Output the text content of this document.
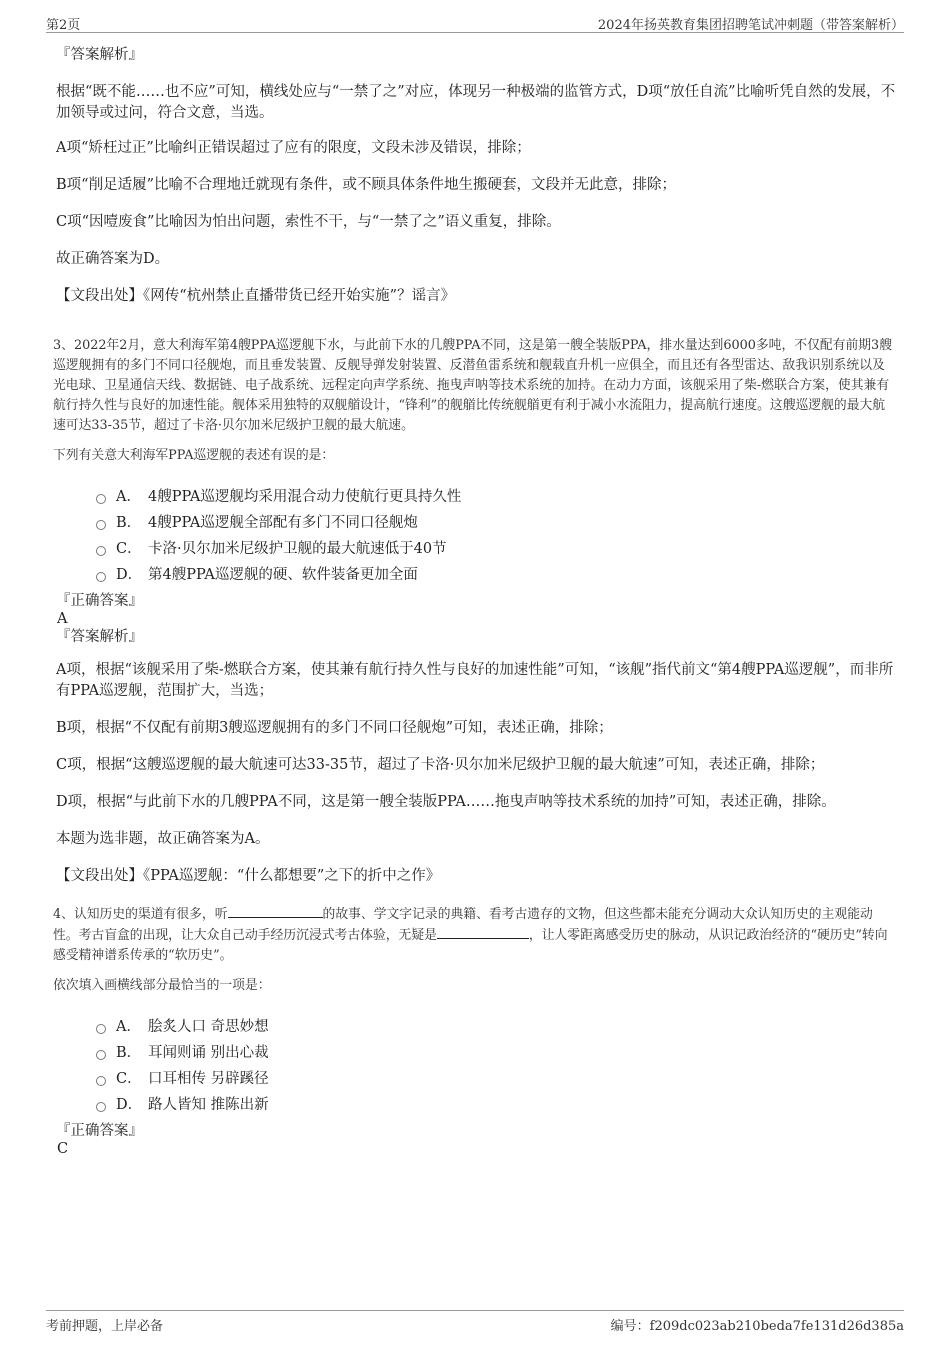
第2页	2024年扬英教育集团招聘笔试冲刺题（带答案解析）

『答案解析』

根据“既不能……也不应”可知，横线处应与“一禁了之”对应，体现另一种极端的监管方式，D项“放任自流”比喻听凭自然的发展，不加领导或过问，符合文意，当选。

A项“矫枉过正”比喻纠正错误超过了应有的限度，文段未涉及错误，排除；

B项“削足适履”比喻不合理地迁就现有条件，或不顾具体条件地生搬硬套，文段并无此意，排除；

C项“因噎废食”比喻因为怕出问题，索性不干，与“一禁了之”语义重复，排除。

故正确答案为D。

【文段出处】《网传“杭州禁止直播带货已经开始实施”？谣言》

3、2022年2月，意大利海军第4艘PPA巡逻舰下水，与此前下水的几艘PPA不同，这是第一艘全装版PPA，排水量达到6000多吨，不仅配有前期3艘巡逻舰拥有的多门不同口径舰炮，而且垂发装置、反舰导弹发射装置、反潜鱼雷系统和舰载直升机一应俱全，而且还有各型雷达、敌我识别系统以及光电球、卫星通信天线、数据链、电子战系统、远程定向声学系统、拖曳声呐等技术系统的加持。在动力方面，该舰采用了柴-燃联合方案，使其兼有航行持久性与良好的加速性能。舰体采用独特的双舰艏设计，“锋利”的舰艏比传统舰艏更有利于减小水流阻力，提高航行速度。这艘巡逻舰的最大航速可达33-35节，超过了卡洛·贝尔加米尼级护卫舰的最大航速。

下列有关意大利海军PPA巡逻舰的表述有误的是：

A． 4艘PPA巡逻舰均采用混合动力使航行更具持久性
B． 4艘PPA巡逻舰全部配有多门不同口径舰炮
C． 卡洛·贝尔加米尼级护卫舰的最大航速低于40节
D． 第4艘PPA巡逻舰的硬、软件装备更加全面

『正确答案』

A

『答案解析』

A项，根据“该舰采用了柴-燃联合方案，使其兼有航行持久性与良好的加速性能”可知，“该舰”指代前文“第4艘PPA巡逻舰”，而非所有PPA巡逻舰，范围扩大，当选；

B项，根据“不仅配有前期3艘巡逻舰拥有的多门不同口径舰炮”可知，表述正确，排除；

C项，根据“这艘巡逻舰的最大航速可达33-35节，超过了卡洛·贝尔加米尼级护卫舰的最大航速”可知，表述正确，排除；

D项，根据“与此前下水的几艘PPA不同，这是第一艘全装版PPA……拖曳声呐等技术系统的加持”可知，表述正确，排除。

本题为选非题，故正确答案为A。

【文段出处】《PPA巡逻舰：“什么都想要”之下的折中之作》

4、认知历史的渠道有很多，听	的故事、学文字记录的典籍、看考古遗存的文物，但这些都未能充分调动大众认知历史的主观能动性。考古盲盒的出现，让大众自己动手经历沉浸式考古体验，无疑是	，让人零距离感受历史的脉动，从识记政治经济的“硬历史”转向感受精神谱系传承的“软历史”。

依次填入画横线部分最恰当的一项是：

A． 脍炙人口 奇思妙想
B． 耳闻则诵 别出心裁
C． 口耳相传 另辟蹊径
D． 路人皆知 推陈出新

『正确答案』

C

考前押题，上岸必备	编号：f209dc023ab210beda7fe131d26d385a
